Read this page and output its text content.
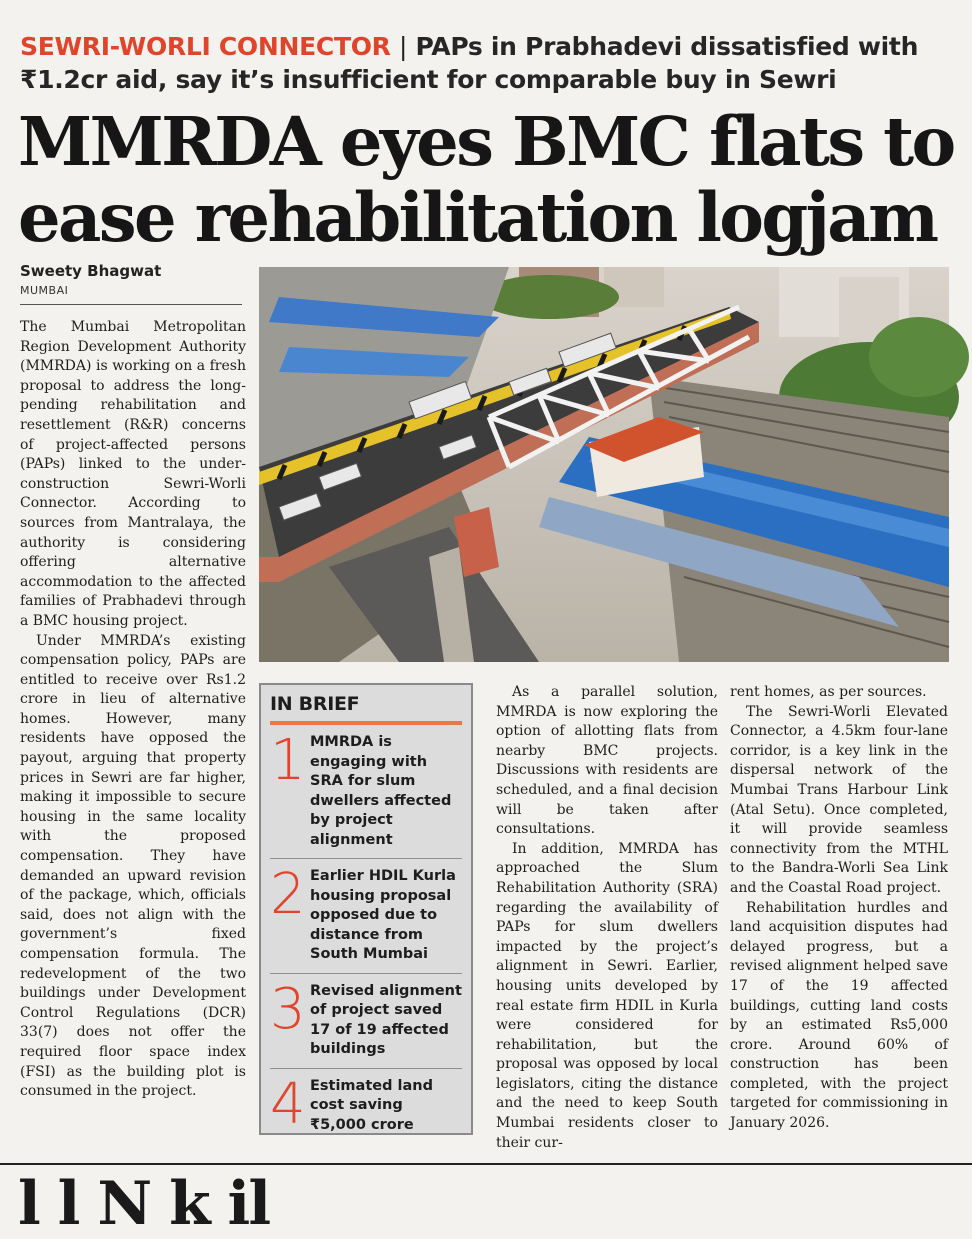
SEWRI-WORLI CONNECTOR | PAPs in Prabhadevi dissatisfied with ₹1.2cr aid, say it’s insufficient for comparable buy in Sewri
MMRDA eyes BMC flats to ease rehabilitation logjam
Sweety Bhagwat
MUMBAI

The Mumbai Metropolitan Region Development Authority (MMRDA) is working on a fresh proposal to address the long-pending rehabilitation and resettlement (R&R) concerns of project-affected persons (PAPs) linked to the under-construction Sewri-Worli Connector. According to sources from Mantralaya, the authority is considering offering alternative accommodation to the affected families of Prabhadevi through a BMC housing project.

Under MMRDA’s existing compensation policy, PAPs are entitled to receive over Rs1.2 crore in lieu of alternative homes. However, many residents have opposed the payout, arguing that property prices in Sewri are far higher, making it impossible to secure housing in the same locality with the proposed compensation. They have demanded an upward revision of the package, which, officials said, does not align with the government’s fixed compensation formula. The redevelopment of the two buildings under Development Control Regulations (DCR) 33(7) does not offer the required floor space index (FSI) as the building plot is consumed in the project.

IN BRIEF
1 MMRDA is engaging with SRA for slum dwellers affected by project alignment
2 Earlier HDIL Kurla housing proposal opposed due to distance from South Mumbai
3 Revised alignment of project saved 17 of 19 affected buildings
4 Estimated land cost saving ₹5,000 crore

As a parallel solution, MMRDA is now exploring the option of allotting flats from nearby BMC projects. Discussions with residents are scheduled, and a final decision will be taken after consultations.

In addition, MMRDA has approached the Slum Rehabilitation Authority (SRA) regarding the availability of PAPs for slum dwellers impacted by the project’s alignment in Sewri. Earlier, housing units developed by real estate firm HDIL in Kurla were considered for rehabilitation, but the proposal was opposed by local legislators, citing the distance and the need to keep South Mumbai residents closer to their cur-

rent homes, as per sources.

The Sewri-Worli Elevated Connector, a 4.5km four-lane corridor, is a key link in the dispersal network of the Mumbai Trans Harbour Link (Atal Setu). Once completed, it will provide seamless connectivity from the MTHL to the Bandra-Worli Sea Link and the Coastal Road project.

Rehabilitation hurdles and land acquisition disputes had delayed progress, but a revised alignment helped save 17 of the 19 affected buildings, cutting land costs by an estimated Rs5,000 crore. Around 60% of construction has been completed, with the project targeted for commissioning in January 2026.

l l N k il
